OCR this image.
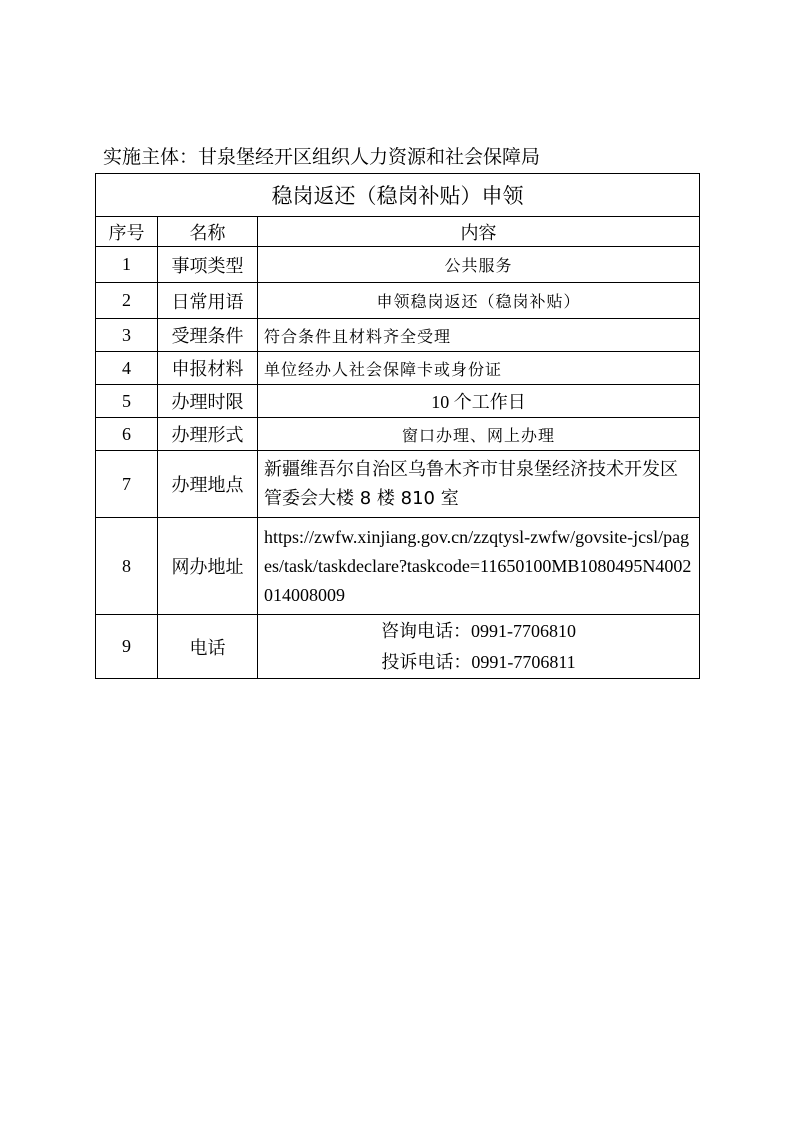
实施主体：甘泉堡经开区组织人力资源和社会保障局
稳岗返还（稳岗补贴）申领		
序号	名称	内容
1	事项类型	公共服务
2	日常用语	申领稳岗返还（稳岗补贴）
3	受理条件	符合条件且材料齐全受理
4	申报材料	单位经办人社会保障卡或身份证
5	办理时限	10 个工作日
6	办理形式	窗口办理、网上办理
7	办理地点	新疆维吾尔自治区乌鲁木齐市甘泉堡经济技术开发区管委会大楼 8 楼 810 室
8	网办地址	https://zwfw.xinjiang.gov.cn/zzqtysl-zwfw/govsite-jcsl/pages/task/taskdeclare?taskcode=11650100MB1080495N4002014008009
9	电话	咨询电话：0991-7706810
投诉电话：0991-7706811
